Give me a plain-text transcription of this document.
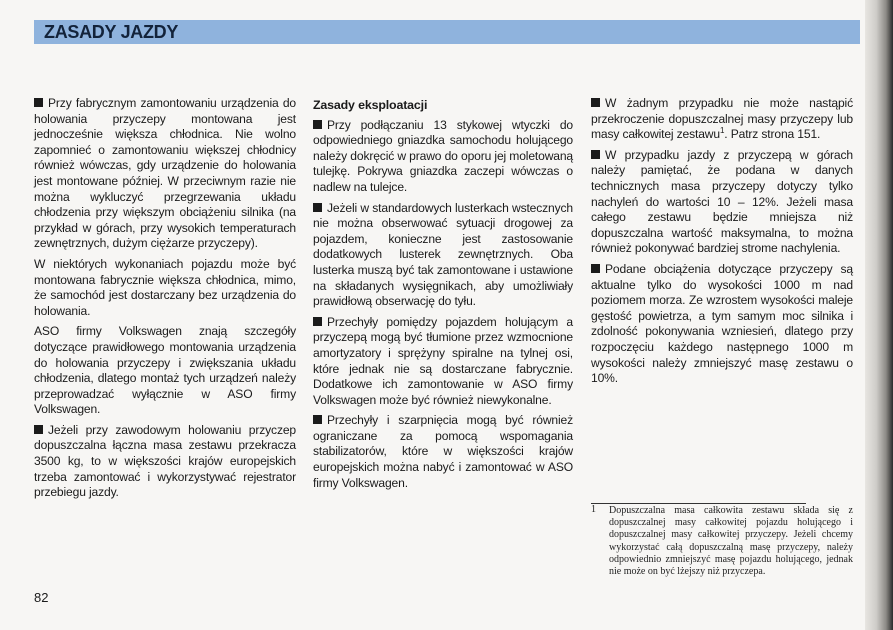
ZASADY JAZDY

Przy fabrycznym zamontowaniu urządzenia do holowania przyczepy montowana jest jednocześnie większa chłodnica. Nie wolno zapomnieć o zamontowaniu większej chłodnicy również wówczas, gdy urządzenie do holowania jest montowane później. W przeciwnym razie nie można wykluczyć przegrzewania układu chłodzenia przy większym obciążeniu silnika (na przykład w górach, przy wysokich temperaturach zewnętrznych, dużym ciężarze przyczepy).

W niektórych wykonaniach pojazdu może być montowana fabrycznie większa chłodnica, mimo, że samochód jest dostarczany bez urządzenia do holowania.

ASO firmy Volkswagen znają szczegóły dotyczące prawidłowego montowania urządzenia do holowania przyczepy i zwiększania układu chłodzenia, dlatego montaż tych urządzeń należy przeprowadzać wyłącznie w ASO firmy Volkswagen.

Jeżeli przy zawodowym holowaniu przyczep dopuszczalna łączna masa zestawu przekracza 3500 kg, to w większości krajów europejskich trzeba zamontować i wykorzystywać rejestrator przebiegu jazdy.

Zasady eksploatacji

Przy podłączaniu 13 stykowej wtyczki do odpowiedniego gniazdka samochodu holującego należy dokręcić w prawo do oporu jej moletowaną tulejkę. Pokrywa gniazdka zaczepi wówczas o nadlew na tulejce.

Jeżeli w standardowych lusterkach wstecznych nie można obserwować sytuacji drogowej za pojazdem, konieczne jest zastosowanie dodatkowych lusterek zewnętrznych. Oba lusterka muszą być tak zamontowane i ustawione na składanych wysięgnikach, aby umożliwiały prawidłową obserwację do tyłu.

Przechyły pomiędzy pojazdem holującym a przyczepą mogą być tłumione przez wzmocnione amortyzatory i sprężyny spiralne na tylnej osi, które jednak nie są dostarczane fabrycznie. Dodatkowe ich zamontowanie w ASO firmy Volkswagen może być również niewykonalne.

Przechyły i szarpnięcia mogą być również ograniczane za pomocą wspomagania stabilizatorów, które w większości krajów europejskich można nabyć i zamontować w ASO firmy Volkswagen.

W żadnym przypadku nie może nastąpić przekroczenie dopuszczalnej masy przyczepy lub masy całkowitej zestawu$^1$. Patrz strona 151.

W przypadku jazdy z przyczepą w górach należy pamiętać, że podana w danych technicznych masa przyczepy dotyczy tylko nachyleń do wartości 10 – 12%. Jeżeli masa całego zestawu będzie mniejsza niż dopuszczalna wartość maksymalna, to można również pokonywać bardziej strome nachylenia.

Podane obciążenia dotyczące przyczepy są aktualne tylko do wysokości 1000 m nad poziomem morza. Ze wzrostem wysokości maleje gęstość powietrza, a tym samym moc silnika i zdolność pokonywania wzniesień, dlatego przy rozpoczęciu każdego następnego 1000 m wysokości należy zmniejszyć masę zestawu o 10%.

1	Dopuszczalna masa całkowita zestawu składa się z dopuszczalnej masy całkowitej pojazdu holującego i dopuszczalnej masy całkowitej przyczepy. Jeżeli chcemy wykorzystać całą dopuszczalną masę przyczepy, należy odpowiednio zmniejszyć masę pojazdu holującego, jednak nie może on być lżejszy niż przyczepa.
82
